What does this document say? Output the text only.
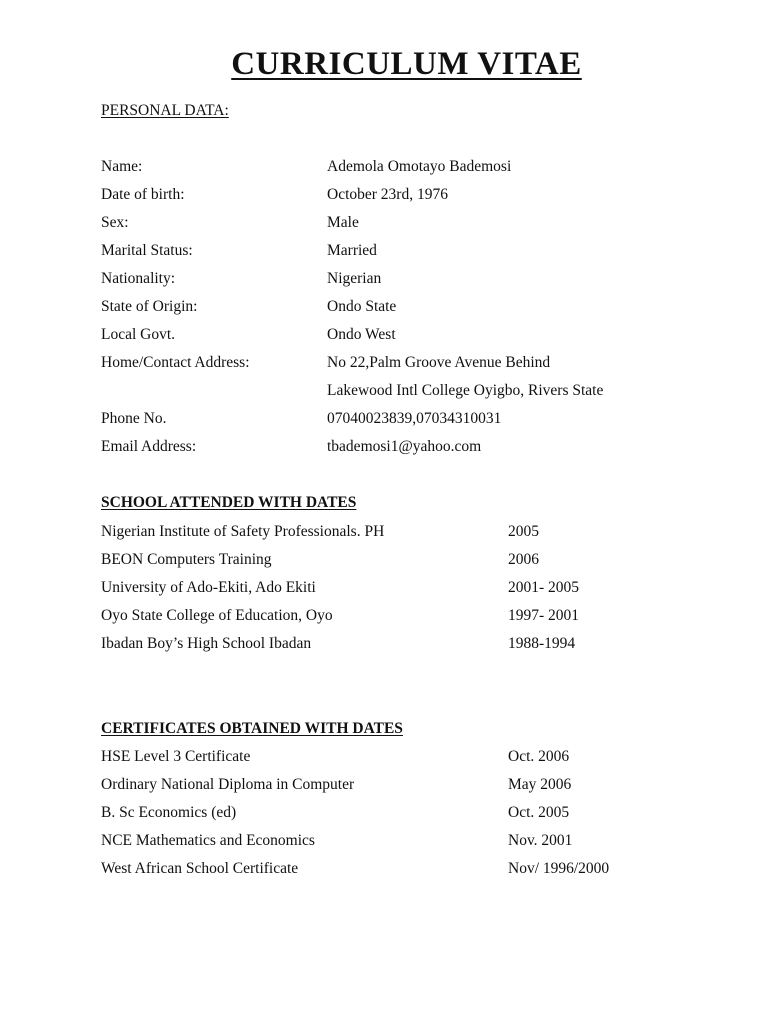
CURRICULUM VITAE
PERSONAL DATA:
Name:	Ademola Omotayo Bademosi
Date of birth:	October 23rd, 1976
Sex:	Male
Marital Status:	Married
Nationality:	Nigerian
State of Origin:	Ondo State
Local Govt.	Ondo West
Home/Contact Address:	No 22,Palm Groove Avenue Behind
Lakewood Intl College Oyigbo, Rivers State
Phone No.	07040023839,07034310031
Email Address:	tbademosi1@yahoo.com
SCHOOL ATTENDED WITH DATES
Nigerian Institute of Safety Professionals. PH	2005
BEON Computers Training	2006
University of Ado-Ekiti, Ado Ekiti	2001- 2005
Oyo State College of Education, Oyo	1997- 2001
Ibadan Boy’s High School Ibadan	1988-1994
CERTIFICATES OBTAINED WITH DATES
HSE Level 3 Certificate	Oct. 2006
Ordinary National Diploma in Computer	May 2006
B. Sc Economics (ed)	Oct. 2005
NCE Mathematics and Economics	Nov. 2001
West African School Certificate	Nov/ 1996/2000
